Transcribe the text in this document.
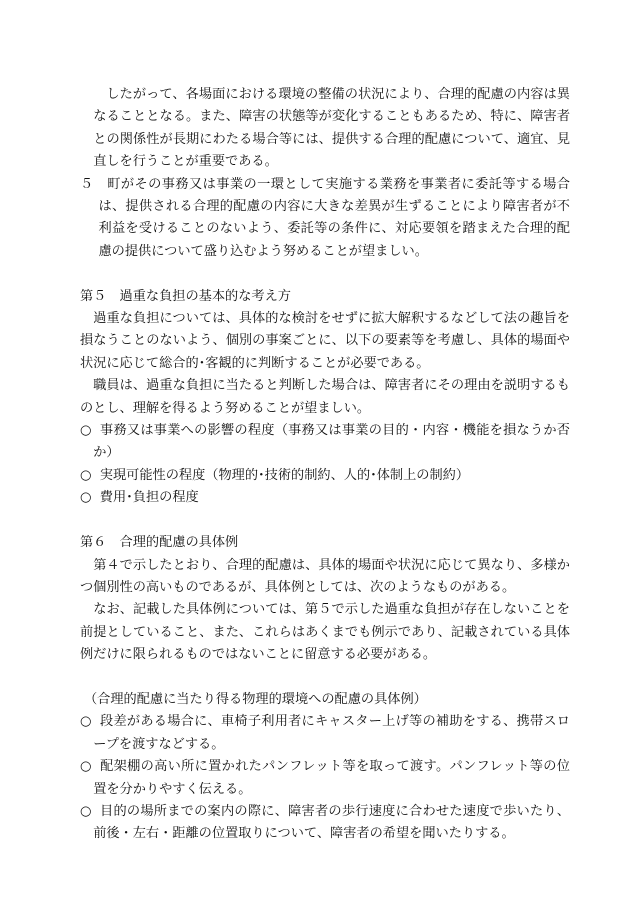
したがって、各場面における環境の整備の状況により、合理的配慮の内容は異なることとなる。また、障害の状態等が変化することもあるため、特に、障害者との関係性が長期にわたる場合等には、提供する合理的配慮について、適宜、見直しを行うことが重要である。

５　町がその事務又は事業の一環として実施する業務を事業者に委託等する場合は、提供される合理的配慮の内容に大きな差異が生ずることにより障害者が不利益を受けることのないよう、委託等の条件に、対応要領を踏まえた合理的配慮の提供について盛り込むよう努めることが望ましい。

第５　過重な負担の基本的な考え方

過重な負担については、具体的な検討をせずに拡大解釈するなどして法の趣旨を損なうことのないよう、個別の事案ごとに、以下の要素等を考慮し、具体的場面や状況に応じて総合的･客観的に判断することが必要である。

職員は、過重な負担に当たると判断した場合は、障害者にその理由を説明するものとし、理解を得るよう努めることが望ましい。

○ 事務又は事業への影響の程度（事務又は事業の目的・内容・機能を損なうか否か）

○ 実現可能性の程度（物理的･技術的制約、人的･体制上の制約）

○ 費用･負担の程度

第６　合理的配慮の具体例

第４で示したとおり、合理的配慮は、具体的場面や状況に応じて異なり、多様かつ個別性の高いものであるが、具体例としては、次のようなものがある。

なお、記載した具体例については、第５で示した過重な負担が存在しないことを前提としていること、また、これらはあくまでも例示であり、記載されている具体例だけに限られるものではないことに留意する必要がある。

（合理的配慮に当たり得る物理的環境への配慮の具体例）

○ 段差がある場合に、車椅子利用者にキャスター上げ等の補助をする、携帯スロープを渡すなどする。

○ 配架棚の高い所に置かれたパンフレット等を取って渡す。パンフレット等の位置を分かりやすく伝える。

○ 目的の場所までの案内の際に、障害者の歩行速度に合わせた速度で歩いたり、前後・左右・距離の位置取りについて、障害者の希望を聞いたりする。
